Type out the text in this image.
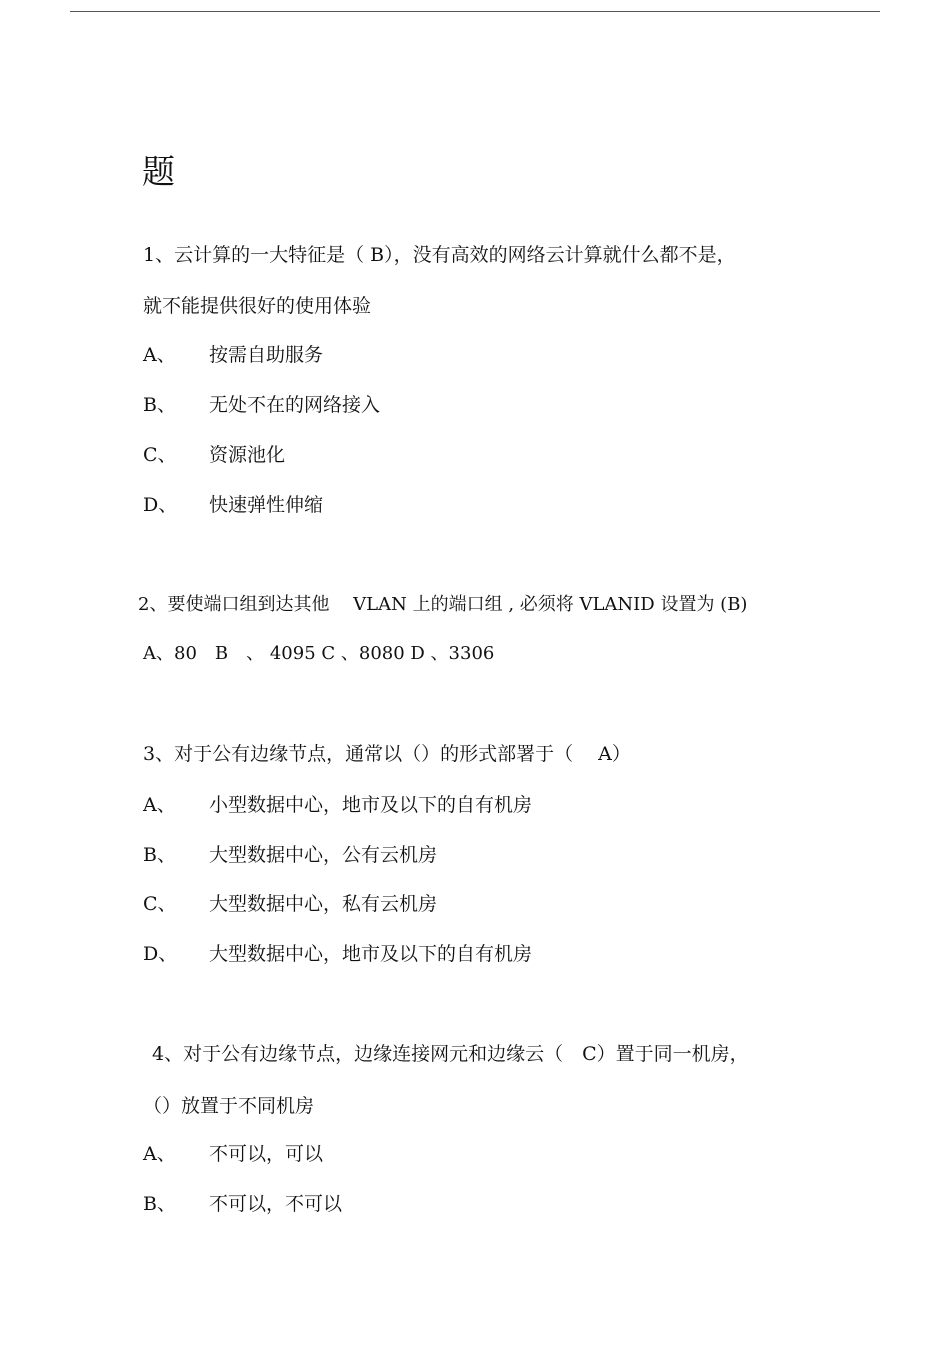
题
1、云计算的一大特征是（ B），没有高效的网络云计算就什么都不是，
就不能提供很好的使用体验
A、 按需自助服务
B、 无处不在的网络接入
C、 资源池化
D、 快速弹性伸缩
2、要使端口组到达其他　 VLAN 上的端口组 , 必须将 VLANID 设置为 (B)
A、80　B　、 4095 C 、8080 D 、3306
3、对于公有边缘节点，通常以（）的形式部署于（　 A）
A、 小型数据中心，地市及以下的自有机房
B、 大型数据中心，公有云机房
C、 大型数据中心，私有云机房
D、 大型数据中心，地市及以下的自有机房
4、对于公有边缘节点，边缘连接网元和边缘云（　C）置于同一机房，
（）放置于不同机房
A、 不可以，可以
B、 不可以，不可以
